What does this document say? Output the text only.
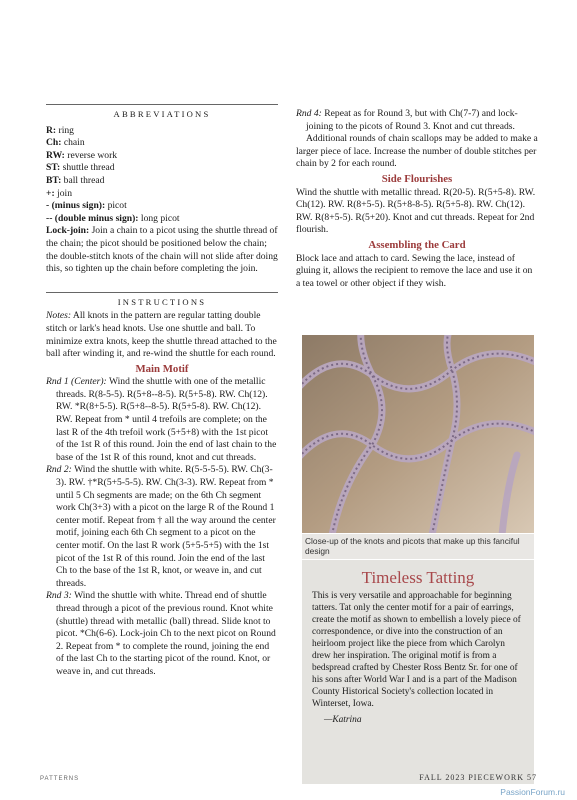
ABBREVIATIONS

R: ring

Ch: chain

RW: reverse work

ST: shuttle thread

BT: ball thread

+: join

- (minus sign): picot

-- (double minus sign): long picot

Lock-join: Join a chain to a picot using the shuttle thread of the chain; the picot should be positioned below the chain; the double-stitch knots of the chain will not slide after doing this, so tighten up the chain before completing the join.

INSTRUCTIONS

Notes: All knots in the pattern are regular tatting double stitch or lark's head knots. Use one shuttle and ball. To minimize extra knots, keep the shuttle thread attached to the ball after winding it, and re-wind the shuttle for each round.

Main Motif

Rnd 1 (Center): Wind the shuttle with one of the metallic threads. R(8-5-5). R(5+8--8-5). R(5+5-8). RW. Ch(12). RW. *R(8+5-5). R(5+8--8-5). R(5+5-8). RW. Ch(12). RW. Repeat from * until 4 trefoils are complete; on the last R of the 4th trefoil work (5+5+8) with the 1st picot of the 1st R of this round. Join the end of last chain to the base of the 1st R of this round, knot and cut threads.

Rnd 2: Wind the shuttle with white. R(5-5-5-5). RW. Ch(3-3). RW. †*R(5+5-5-5). RW. Ch(3-3). RW. Repeat from * until 5 Ch segments are made; on the 6th Ch segment work Ch(3+3) with a picot on the large R of the Round 1 center motif. Repeat from † all the way around the center motif, joining each 6th Ch segment to a picot on the center motif. On the last R work (5+5-5+5) with the 1st picot of the 1st R of this round. Join the end of the last Ch to the base of the 1st R, knot, or weave in, and cut threads.

Rnd 3: Wind the shuttle with white. Thread end of shuttle thread through a picot of the previous round. Knot white (shuttle) thread with metallic (ball) thread. Slide knot to picot. *Ch(6-6). Lock-join Ch to the next picot on Round 2. Repeat from * to complete the round, joining the end of the last Ch to the starting picot of the round. Knot, or weave in, and cut threads.

Rnd 4: Repeat as for Round 3, but with Ch(7-7) and lock-joining to the picots of Round 3. Knot and cut threads.

Additional rounds of chain scallops may be added to make a larger piece of lace. Increase the number of double stitches per chain by 2 for each round.

Side Flourishes

Wind the shuttle with metallic thread. R(20-5). R(5+5-8). RW. Ch(12). RW. R(8+5-5). R(5+8-8-5). R(5+5-8). RW. Ch(12). RW. R(8+5-5). R(5+20). Knot and cut threads. Repeat for 2nd flourish.

Assembling the Card

Block lace and attach to card. Sewing the lace, instead of gluing it, allows the recipient to remove the lace and use it on a tea towel or other object if they wish.

Close-up of the knots and picots that make up this fanciful design
Timeless Tatting

This is very versatile and approachable for beginning tatters. Tat only the center motif for a pair of earrings, create the motif as shown to embellish a lovely piece of correspondence, or dive into the construction of an heirloom project like the piece from which Carolyn drew her inspiration. The original motif is from a bedspread crafted by Chester Ross Bentz Sr. for one of his sons after World War I and is a part of the Madison County Historical Society's collection located in Winterset, Iowa.

—Katrina

PATTERNS	FALL 2023 PIECEWORK 57
PassionForum.ru
